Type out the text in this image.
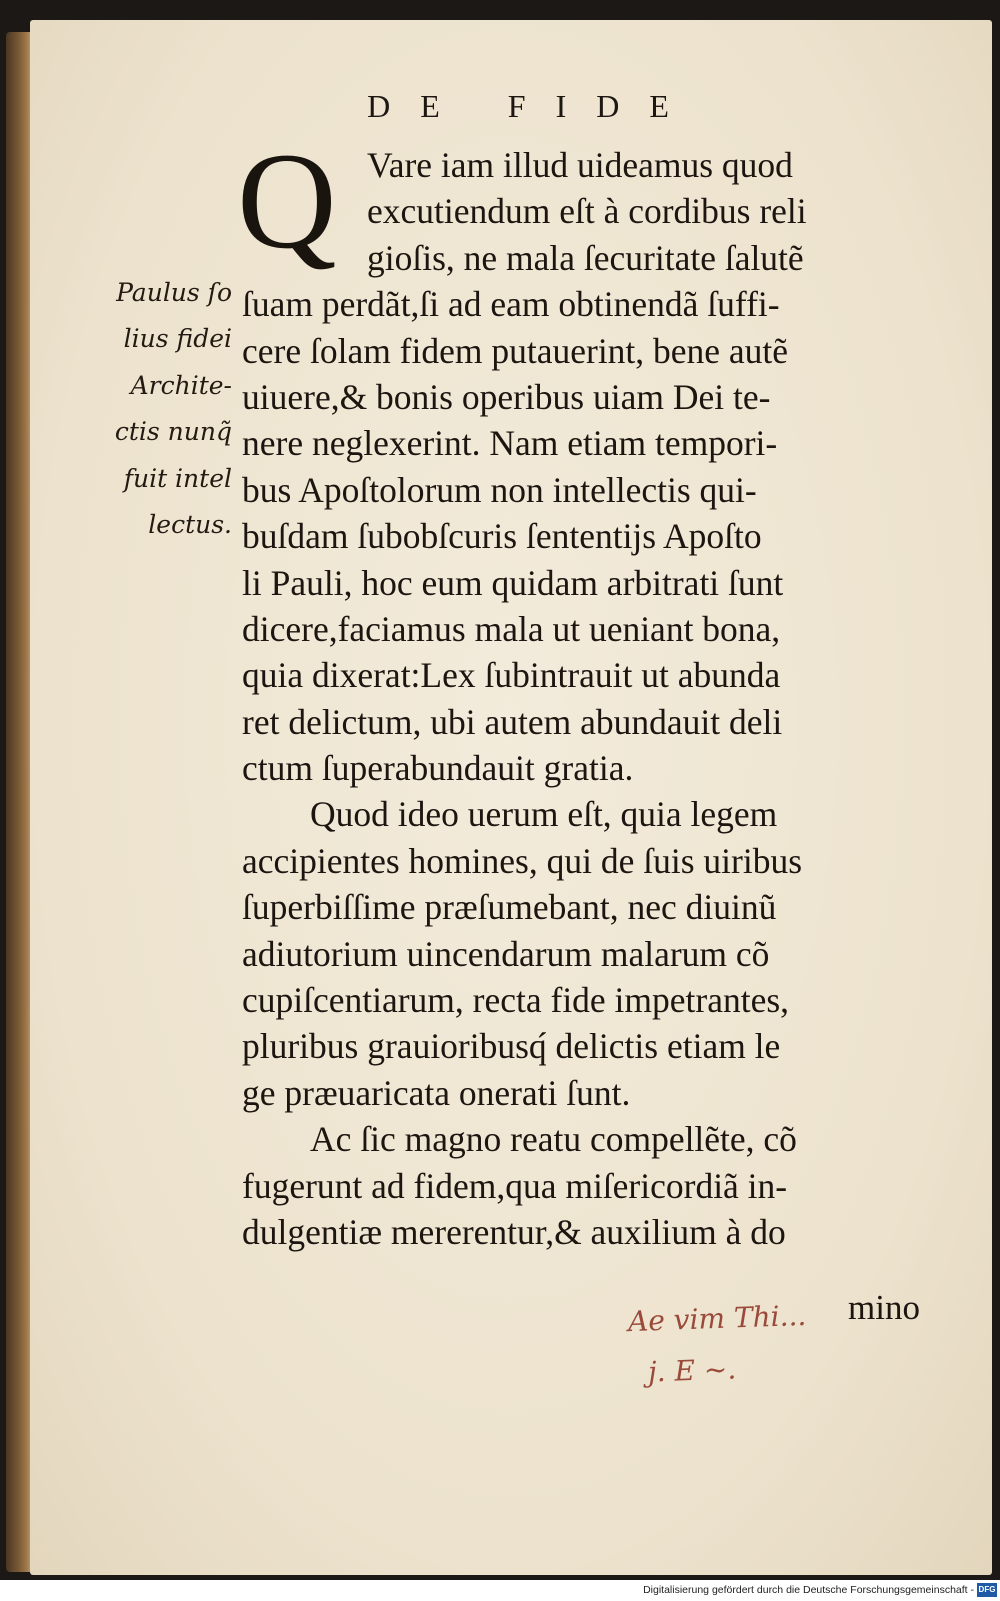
DE FIDE
Q
Paulus ſo
lius fidei
Archite-
ctis nunq̃
fuit intel
lectus.
Vare iam illud uideamus quod
excutiendum eſt à cordibus reli
gioſis, ne mala ſecuritate ſalutẽ
ſuam perdãt,ſi ad eam obtinendã ſuffi-
cere ſolam fidem putauerint, bene autẽ
uiuere,& bonis operibus uiam Dei te-
nere neglexerint. Nam etiam tempori-
bus Apoſtolorum non intellectis qui-
buſdam ſubobſcuris ſententijs Apoſto
li Pauli, hoc eum quidam arbitrati ſunt
dicere,faciamus mala ut ueniant bona,
quia dixerat:Lex ſubintrauit ut abunda
ret delictum, ubi autem abundauit deli
ctum ſuperabundauit gratia.
Quod ideo uerum eſt, quia legem
accipientes homines, qui de ſuis uiribus
ſuperbiſſime præſumebant, nec diuinũ
adiutorium uincendarum malarum cõ
cupiſcentiarum, recta fide impetrantes,
pluribus grauioribusq́ delictis etiam le
ge præuaricata onerati ſunt.
Ac ſic magno reatu compellẽte, cõ
fugerunt ad fidem,qua miſericordiã in-
dulgentiæ mererentur,& auxilium à do
mino
Ae vim Thi...
j. E ~.
Digitalisierung gefördert durch die Deutsche Forschungsgemeinschaft - DFG
